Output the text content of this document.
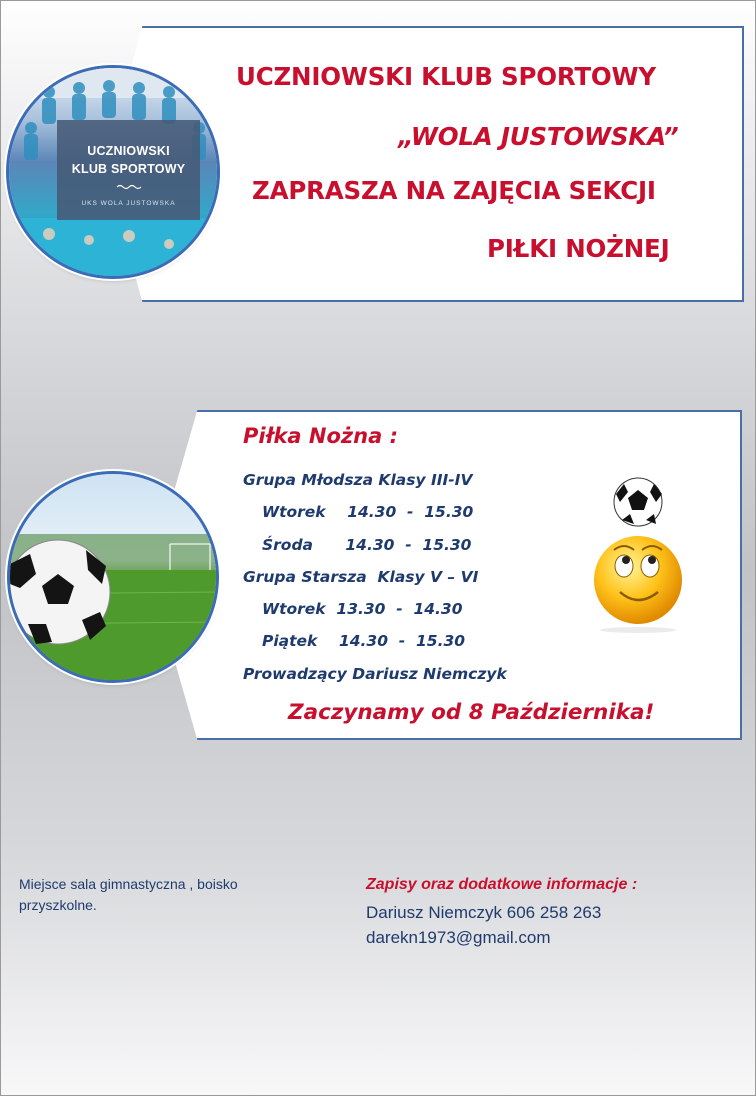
UCZNIOWSKI KLUB SPORTOWY
„WOLA JUSTOWSKA”
ZAPRASZA NA ZAJĘCIA SEKCJI
PIŁKI NOŻNEJ
UCZNIOWSKI
KLUB SPORTOWY
UKS WOLA JUSTOWSKA
Piłka Nożna :
Grupa Młodsza Klasy III-IV
Wtorek    14.30  -  15.30
Środa      14.30  -  15.30
Grupa Starsza  Klasy V – VI
Wtorek  13.30  -  14.30
Piątek    14.30  -  15.30
Prowadzący Dariusz Niemczyk
Zaczynamy od 8 Października!
Miejsce sala gimnastyczna , boisko przyszkolne.
Zapisy oraz dodatkowe informacje :
Dariusz Niemczyk 606 258 263
darekn1973@gmail.com
